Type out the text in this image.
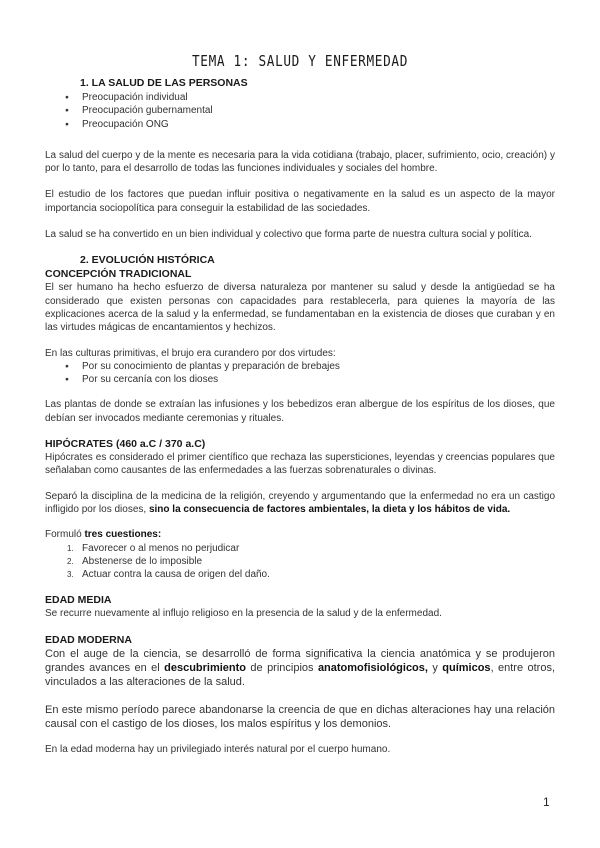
TEMA 1: SALUD Y ENFERMEDAD
1. LA SALUD DE LAS PERSONAS
● Preocupación individual
● Preocupación gubernamental
● Preocupación ONG

La salud del cuerpo y de la mente es necesaria para la vida cotidiana (trabajo, placer, sufrimiento, ocio, creación) y por lo tanto, para el desarrollo de todas las funciones individuales y sociales del hombre.

El estudio de los factores que puedan influir positiva o negativamente en la salud es un aspecto de la mayor importancia sociopolítica para conseguir la estabilidad de las sociedades.

La salud se ha convertido en un bien individual y colectivo que forma parte de nuestra cultura social y política.

2. EVOLUCIÓN HISTÓRICA
CONCEPCIÓN TRADICIONAL

El ser humano ha hecho esfuerzo de diversa naturaleza por mantener su salud y desde la antigüedad se ha considerado que existen personas con capacidades para restablecerla, para quienes la mayoría de las explicaciones acerca de la salud y la enfermedad, se fundamentaban en la existencia de dioses que curaban y en las virtudes mágicas de encantamientos y hechizos.

En las culturas primitivas, el brujo era curandero por dos virtudes:

● Por su conocimiento de plantas y preparación de brebajes
● Por su cercanía con los dioses

Las plantas de donde se extraían las infusiones y los bebedizos eran albergue de los espíritus de los dioses, que debían ser invocados mediante ceremonias y rituales.

HIPÓCRATES (460 a.C / 370 a.C)

Hipócrates es considerado el primer científico que rechaza las supersticiones, leyendas y creencias populares que señalaban como causantes de las enfermedades a las fuerzas sobrenaturales o divinas.

Separó la disciplina de la medicina de la religión, creyendo y argumentando que la enfermedad no era un castigo infligido por los dioses, sino la consecuencia de factores ambientales, la dieta y los hábitos de vida.

Formuló tres cuestiones:

1. Favorecer o al menos no perjudicar
2. Abstenerse de lo imposible
3. Actuar contra la causa de origen del daño.
EDAD MEDIA

Se recurre nuevamente al influjo religioso en la presencia de la salud y de la enfermedad.

EDAD MODERNA

Con el auge de la ciencia, se desarrolló de forma significativa la ciencia anatómica y se produjeron grandes avances en el descubrimiento de principios anatomofisiológicos, y químicos, entre otros, vinculados a las alteraciones de la salud.

En este mismo período parece abandonarse la creencia de que en dichas alteraciones hay una relación causal con el castigo de los dioses, los malos espíritus y los demonios.

En la edad moderna hay un privilegiado interés natural por el cuerpo humano.

1
